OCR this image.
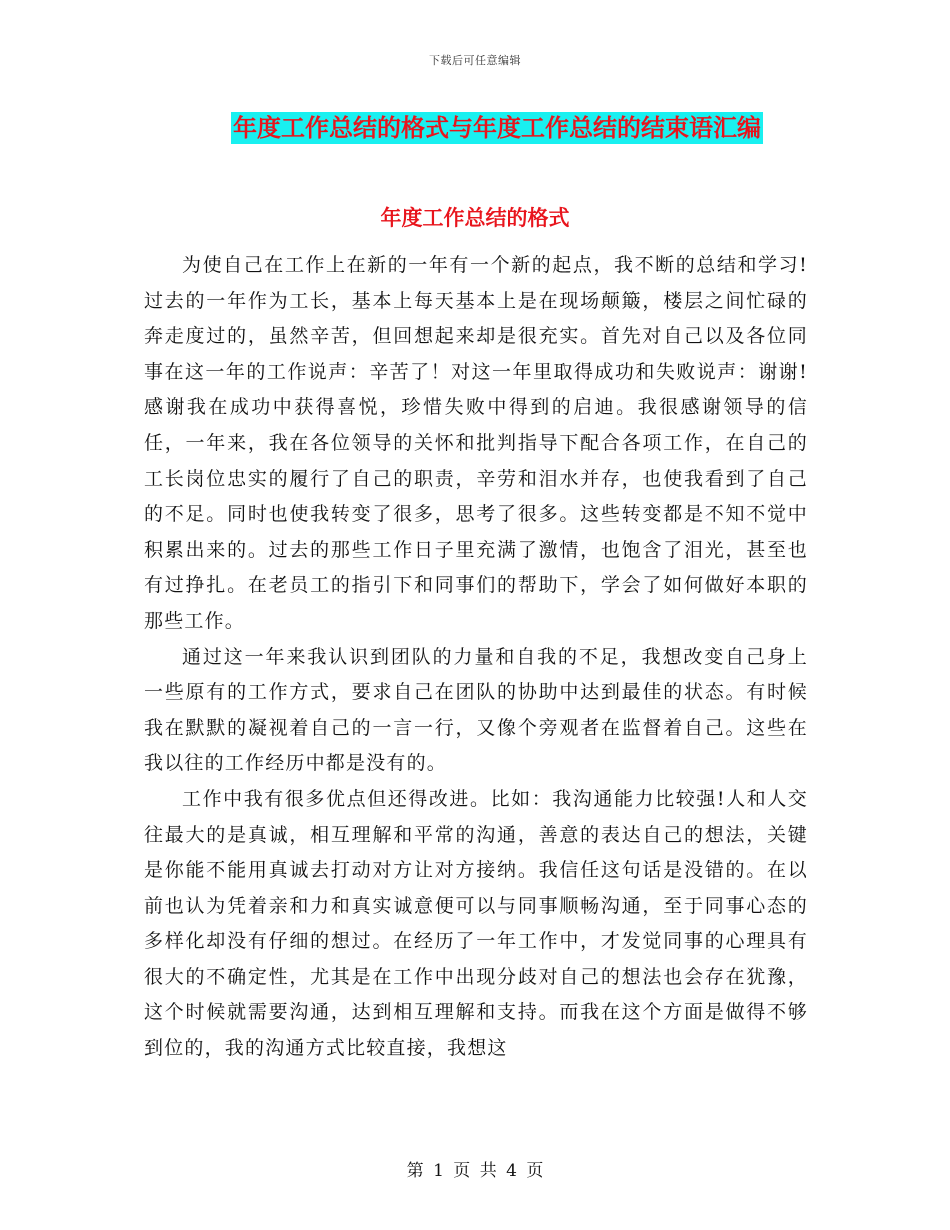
下载后可任意编辑
年度工作总结的格式与年度工作总结的结束语汇编
年度工作总结的格式

为使自己在工作上在新的一年有一个新的起点，我不断的总结和学习!过去的一年作为工长，基本上每天基本上是在现场颠簸，楼层之间忙碌的奔走度过的，虽然辛苦，但回想起来却是很充实。首先对自己以及各位同事在这一年的工作说声：辛苦了！对这一年里取得成功和失败说声：谢谢!感谢我在成功中获得喜悦，珍惜失败中得到的启迪。我很感谢领导的信任，一年来，我在各位领导的关怀和批判指导下配合各项工作，在自己的工长岗位忠实的履行了自己的职责，辛劳和泪水并存，也使我看到了自己的不足。同时也使我转变了很多，思考了很多。这些转变都是不知不觉中积累出来的。过去的那些工作日子里充满了激情，也饱含了泪光，甚至也有过挣扎。在老员工的指引下和同事们的帮助下，学会了如何做好本职的那些工作。

通过这一年来我认识到团队的力量和自我的不足，我想改变自己身上一些原有的工作方式，要求自己在团队的协助中达到最佳的状态。有时候我在默默的凝视着自己的一言一行，又像个旁观者在监督着自己。这些在我以往的工作经历中都是没有的。

工作中我有很多优点但还得改进。比如：我沟通能力比较强!人和人交往最大的是真诚，相互理解和平常的沟通，善意的表达自己的想法，关键是你能不能用真诚去打动对方让对方接纳。我信任这句话是没错的。在以前也认为凭着亲和力和真实诚意便可以与同事顺畅沟通，至于同事心态的多样化却没有仔细的想过。在经历了一年工作中，才发觉同事的心理具有很大的不确定性，尤其是在工作中出现分歧对自己的想法也会存在犹豫，这个时候就需要沟通，达到相互理解和支持。而我在这个方面是做得不够到位的，我的沟通方式比较直接，我想这

第 1 页 共 4 页
